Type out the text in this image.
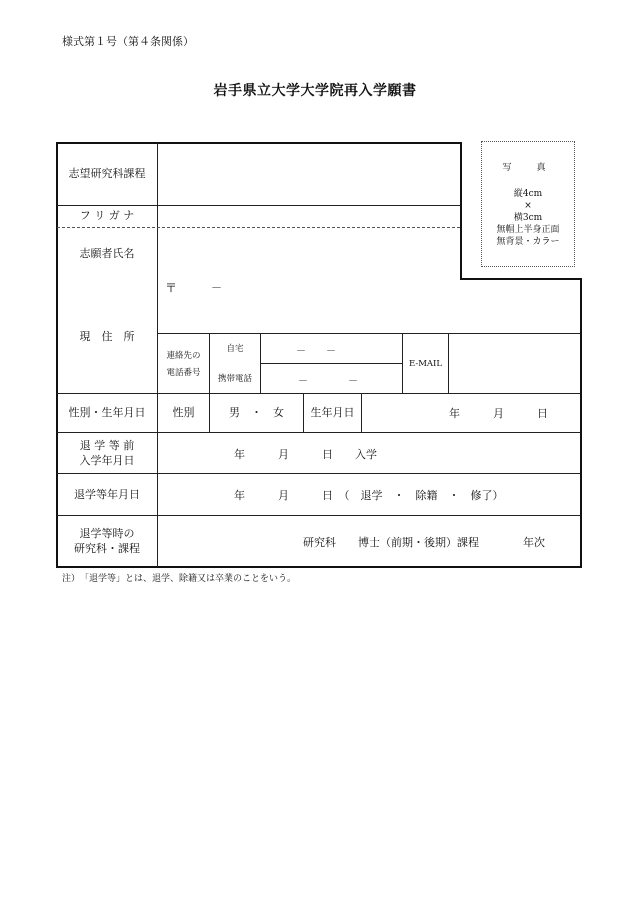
様式第１号（第４条関係）
岩手県立大学大学院再入学願書
写　真
縦4cm
×
横3cm
無帽上半身正面
無背景・カラー
志望研究科課程
フ リ ガ ナ
志願者氏名
現　住　所
〒	－
連絡先の
電話番号
自宅	－　　－
携帯電話	－　　　　－
E-MAIL
性別・生年月日	性別	男　・　女	生年月日	年　　　月　　　日
退 学 等 前
入学年月日	年　　　月　　　日　　入学
退学等年月日	年　　　月　　　日　（　退学　・　除籍　・　修了）
退学等時の
研究科・課程	研究科　　博士（前期・後期）課程　　　　年次
注）　「退学等」とは、退学、除籍又は卒業のことをいう。
